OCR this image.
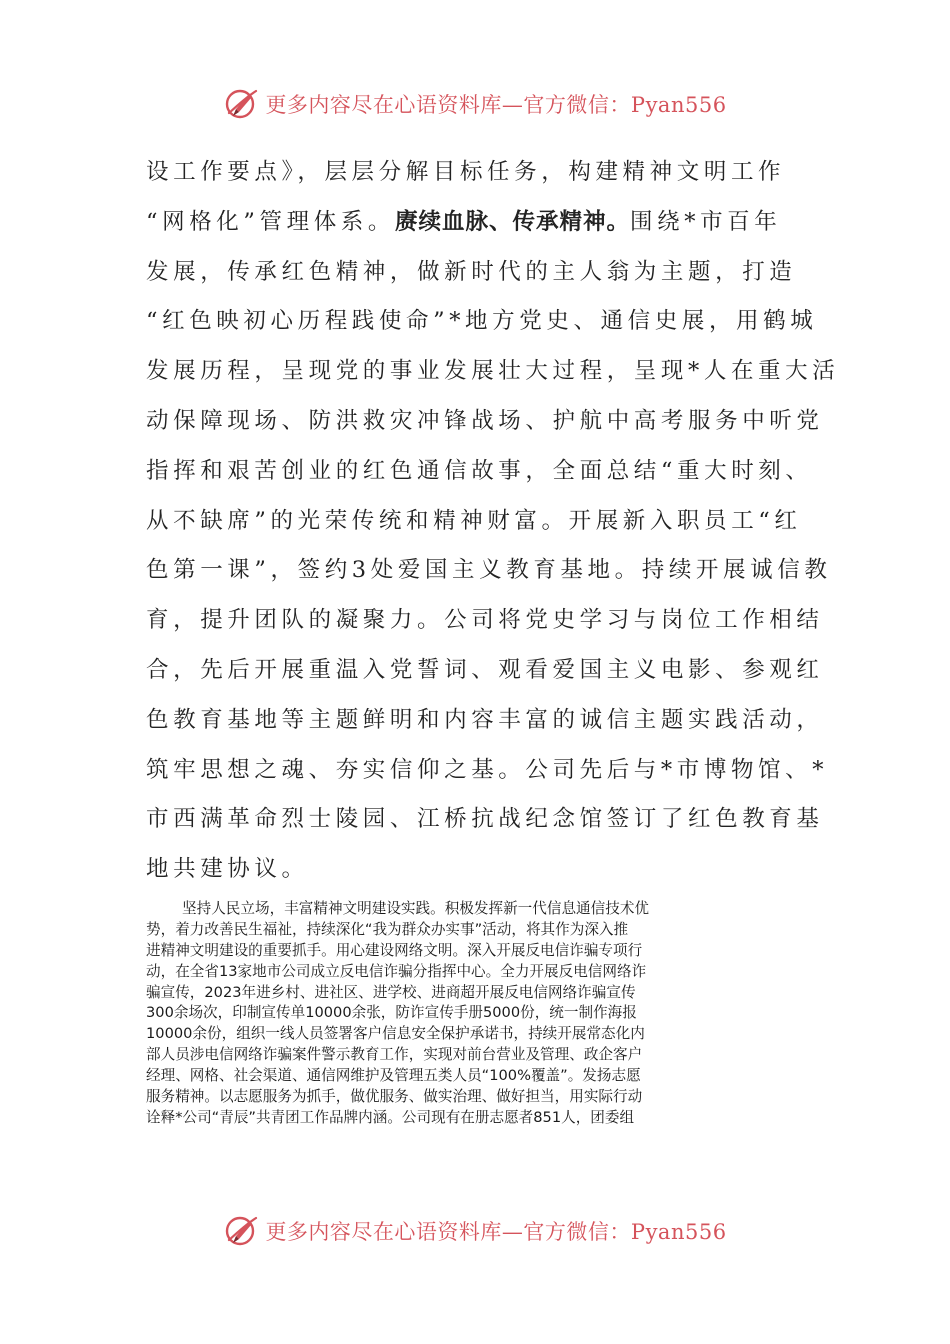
更多内容尽在心语资料库—官方微信：Pyan556
设工作要点》，层层分解目标任务，构建精神文明工作
“网格化”管理体系。赓续血脉、传承精神。围绕*市百年
发展，传承红色精神，做新时代的主人翁为主题，打造
“红色映初心历程践使命”*地方党史、通信史展，用鹤城
发展历程，呈现党的事业发展壮大过程，呈现*人在重大活
动保障现场、防洪救灾冲锋战场、护航中高考服务中听党
指挥和艰苦创业的红色通信故事，全面总结“重大时刻、
从不缺席”的光荣传统和精神财富。开展新入职员工“红
色第一课”，签约3处爱国主义教育基地。持续开展诚信教
育，提升团队的凝聚力。公司将党史学习与岗位工作相结
合，先后开展重温入党誓词、观看爱国主义电影、参观红
色教育基地等主题鲜明和内容丰富的诚信主题实践活动，
筑牢思想之魂、夯实信仰之基。公司先后与*市博物馆、*
市西满革命烈士陵园、江桥抗战纪念馆签订了红色教育基
地共建协议。
坚持人民立场，丰富精神文明建设实践。积极发挥新一代信息通信技术优
势，着力改善民生福祉，持续深化“我为群众办实事”活动，将其作为深入推
进精神文明建设的重要抓手。用心建设网络文明。深入开展反电信诈骗专项行
动，在全省13家地市公司成立反电信诈骗分指挥中心。全力开展反电信网络诈
骗宣传，2023年进乡村、进社区、进学校、进商超开展反电信网络诈骗宣传
300余场次，印制宣传单10000余张，防诈宣传手册5000份，统一制作海报
10000余份，组织一线人员签署客户信息安全保护承诺书，持续开展常态化内
部人员涉电信网络诈骗案件警示教育工作，实现对前台营业及管理、政企客户
经理、网格、社会渠道、通信网维护及管理五类人员“100%覆盖”。发扬志愿
服务精神。以志愿服务为抓手，做优服务、做实治理、做好担当，用实际行动
诠释*公司“青辰”共青团工作品牌内涵。公司现有在册志愿者851人，团委组
更多内容尽在心语资料库—官方微信：Pyan556
